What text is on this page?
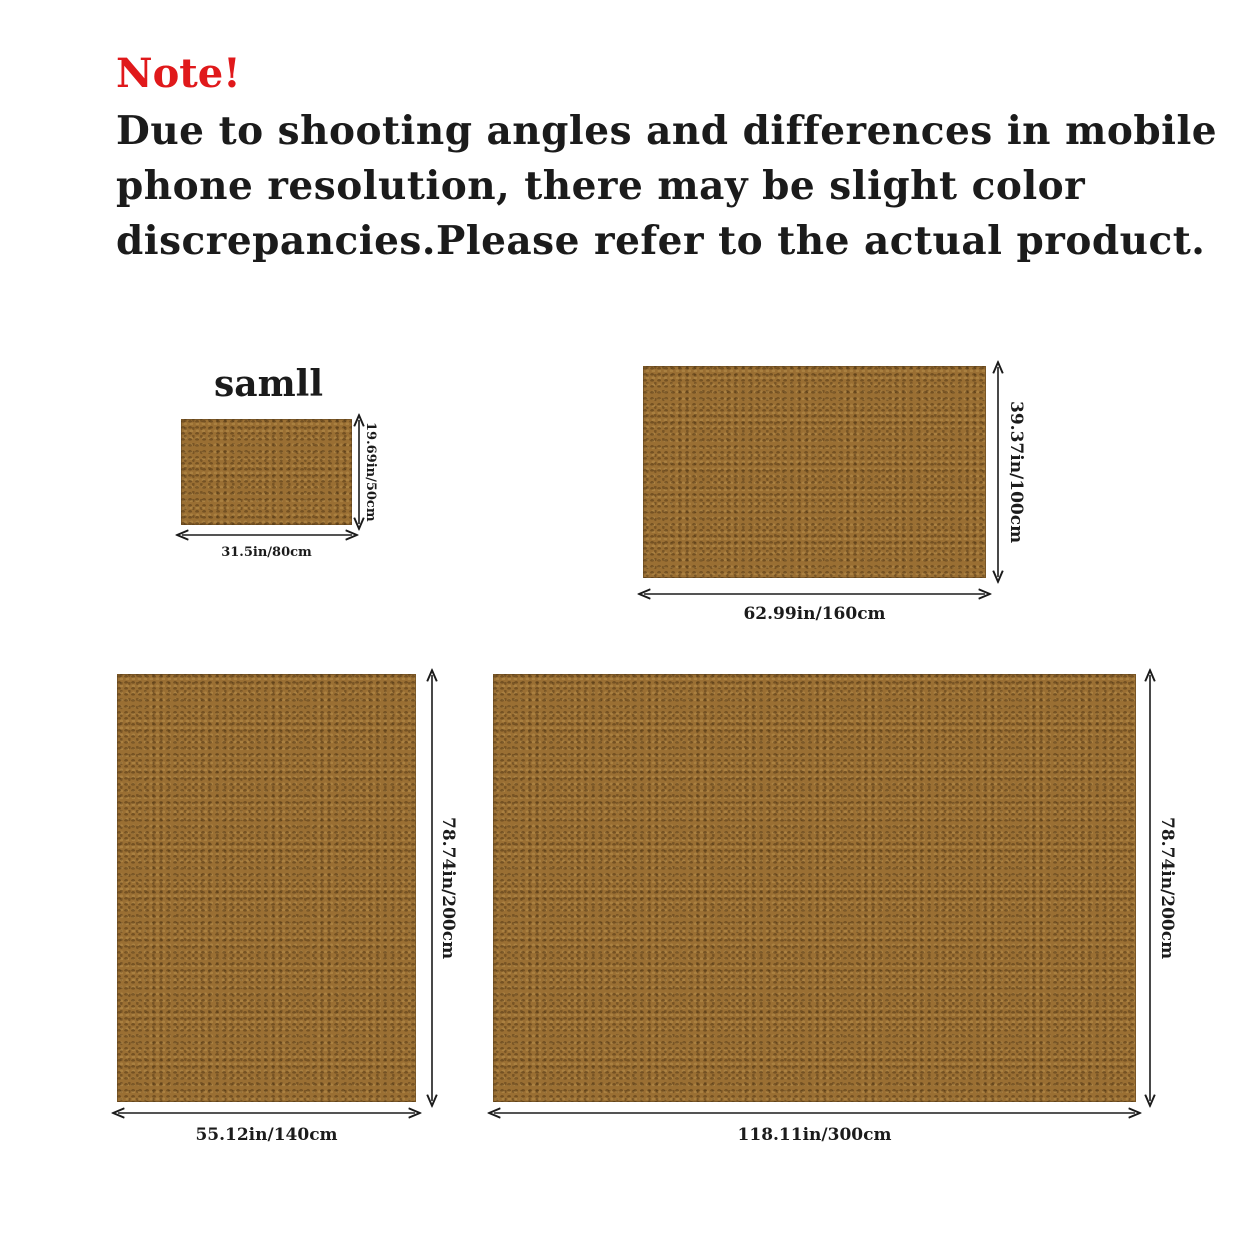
Note!
Due to shooting angles and differences in mobile
phone resolution, there may be slight color
discrepancies.Please refer to the actual product.
samll
31.5in/80cm
19.69in/50cm
62.99in/160cm
39.37in/100cm
55.12in/140cm
78.74in/200cm
118.11in/300cm
78.74in/200cm
